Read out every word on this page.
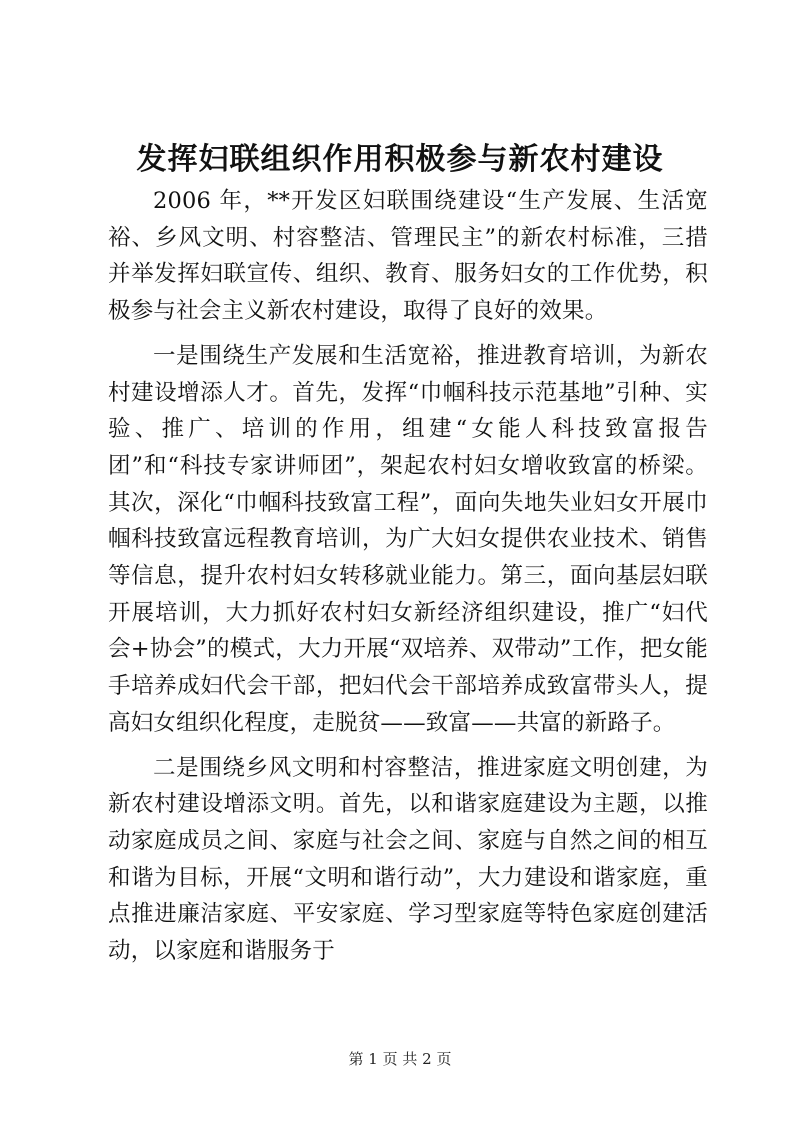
发挥妇联组织作用积极参与新农村建设

2006 年，**开发区妇联围绕建设“生产发展、生活宽裕、乡风文明、村容整洁、管理民主”的新农村标准，三措并举发挥妇联宣传、组织、教育、服务妇女的工作优势，积极参与社会主义新农村建设，取得了良好的效果。

一是围绕生产发展和生活宽裕，推进教育培训，为新农村建设增添人才。首先，发挥“巾帼科技示范基地”引种、实验、推广、培训的作用，组建“女能人科技致富报告团”和“科技专家讲师团”，架起农村妇女增收致富的桥梁。其次，深化“巾帼科技致富工程”，面向失地失业妇女开展巾帼科技致富远程教育培训，为广大妇女提供农业技术、销售等信息，提升农村妇女转移就业能力。第三，面向基层妇联开展培训，大力抓好农村妇女新经济组织建设，推广“妇代会+协会”的模式，大力开展“双培养、双带动”工作，把女能手培养成妇代会干部，把妇代会干部培养成致富带头人，提高妇女组织化程度，走脱贫——致富——共富的新路子。

二是围绕乡风文明和村容整洁，推进家庭文明创建，为新农村建设增添文明。首先，以和谐家庭建设为主题，以推动家庭成员之间、家庭与社会之间、家庭与自然之间的相互和谐为目标，开展“文明和谐行动”，大力建设和谐家庭，重点推进廉洁家庭、平安家庭、学习型家庭等特色家庭创建活动，以家庭和谐服务于

第 1 页 共 2 页
